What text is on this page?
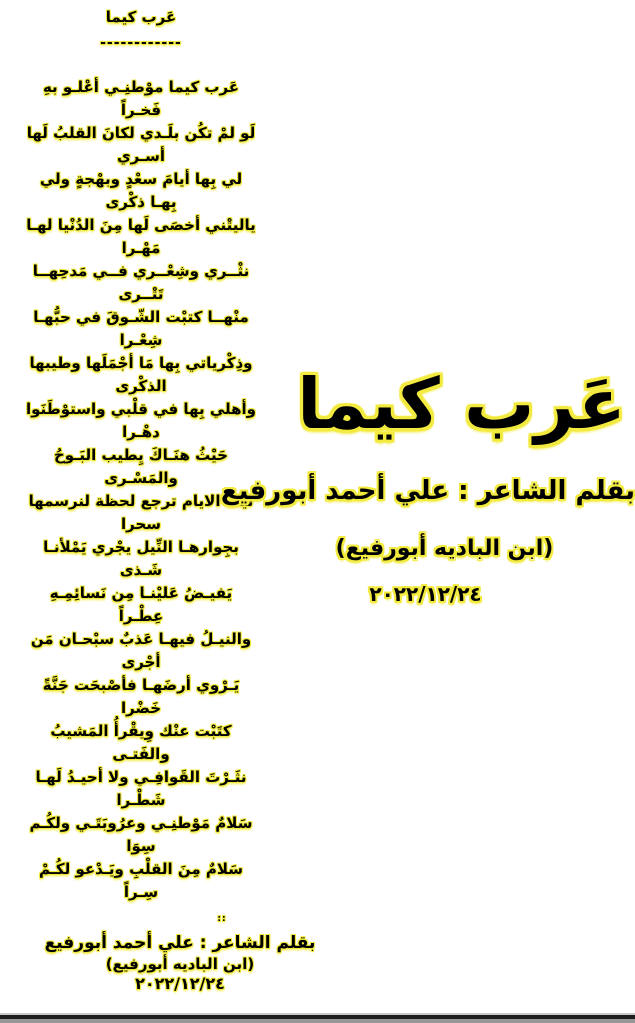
عَرب كيما
------------
عَرب كيما موْطنِـي أعْلـو بهِ
فَخـراً
لَو لمْ تكُن بلَـدي لكانَ القلبُ لَها
أسـري
لي بِها أيامَ سعْدٍ وبهْجةٍ ولي
بِهـا ذكْرى
ياليتْني أخصَى لَها مِنَ الدُنْيا لهـا
مَهْـرا
نثْــري وشِعْــري فــي مَدحِهــا
تَتْــرى
منْهــا كتبْت الشّـوقَ في حبُّهـا
شِعْـرا
وذِكْرياتي بِها مَا أجْمَلَها وطيبها
الذكْرى
وأهلي بِها في قلْبي واستوْطَنَوا
دهْـرا
حَيْثُ هنَـاكَ يِطيب البَـوحُ
والمَسْـرى
ليت الايام ترجع لحظة لنرسمها
سحرا
بجِوارهـا النِّيل يجْري يَمْلأنـا
شَـذى
يَفيـضُ عَليْنـا مِن نَسائِمِـهِ
عِطْـراً
والنيـلُ فيهـا عَذبٌ سبْحـان مَن
أجْرى
يَـرْوي أرضَهـا فأصْبحَت جَنَّةً
خَضْرا
كتَبْت عنْك وِيقْرأُ المَشيبُ
والفَتـى
نثَـرْتَ القَوافِـي ولا أحيـدُ لَهـا
شَطْـرا
سَلامٌ مَوْطنِـي وعرُوبَتَـي ولكُـم
سِوَا
سَلامٌ مِنَ القلْبِ ويَـدْعو لكُـمْ
سِـراً
::
بقلم الشاعر : علي أحمد أبورفيع
(ابن الباديه أبورفيع)
٢٠٢٢/١٢/٢٤
عَرب كيما
بقلم الشاعر : علي أحمد أبورفيع
(ابن الباديه أبورفيع)
٢٠٢٢/١٢/٢٤
